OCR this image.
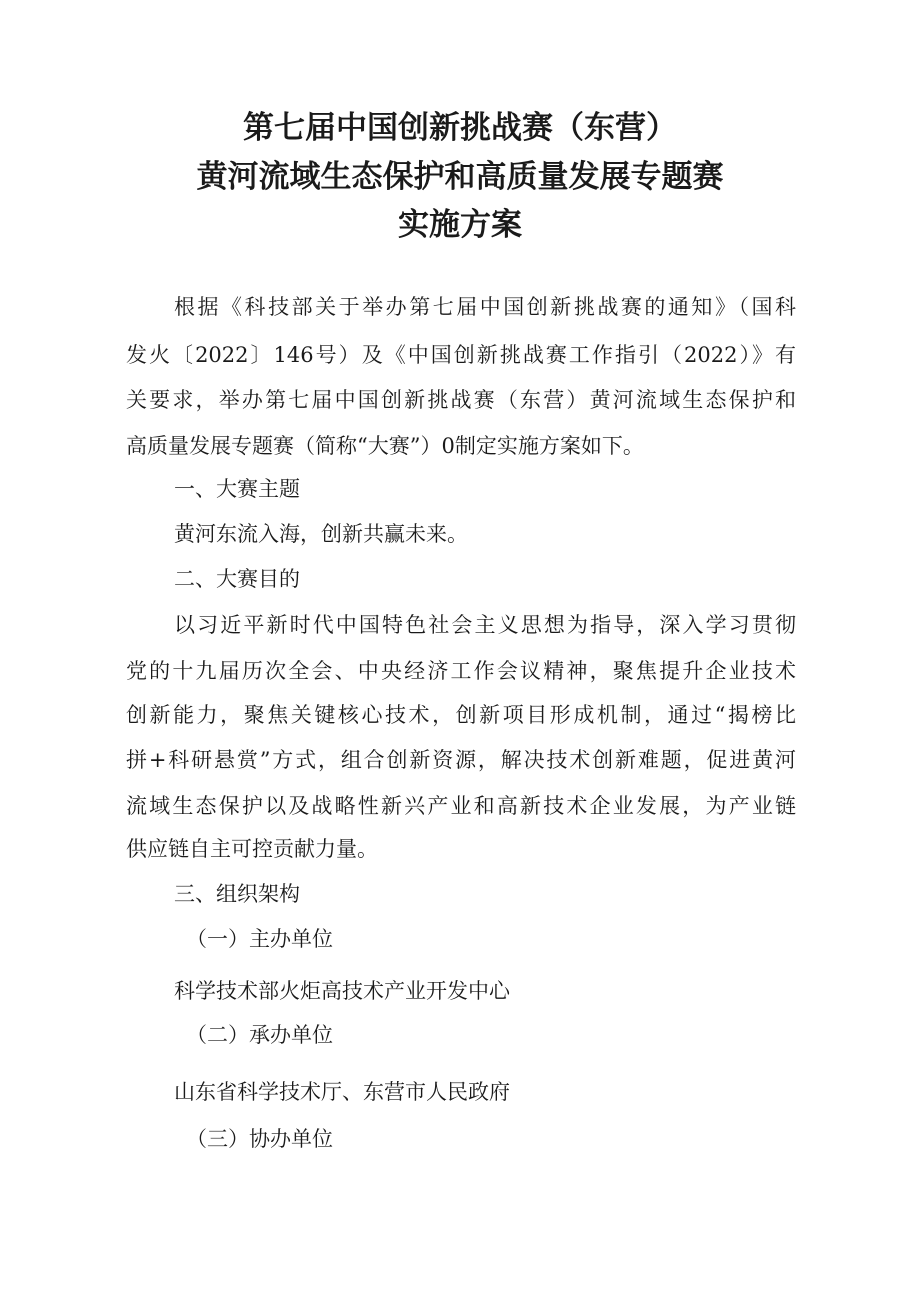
第七届中国创新挑战赛（东营）
黄河流域生态保护和高质量发展专题赛
实施方案
根据《科技部关于举办第七届中国创新挑战赛的通知》（国科
发火〔2022〕146号）及《中国创新挑战赛工作指引（2022）》有
关要求，举办第七届中国创新挑战赛（东营）黄河流域生态保护和
高质量发展专题赛（简称“大赛”）0制定实施方案如下。
一、大赛主题
黄河东流入海，创新共赢未来。
二、大赛目的
以习近平新时代中国特色社会主义思想为指导，深入学习贯彻
党的十九届历次全会、中央经济工作会议精神，聚焦提升企业技术
创新能力，聚焦关键核心技术，创新项目形成机制，通过“揭榜比
拼+科研悬赏”方式，组合创新资源，解决技术创新难题，促进黄河
流域生态保护以及战略性新兴产业和高新技术企业发展，为产业链
供应链自主可控贡献力量。
三、组织架构
（一）主办单位
科学技术部火炬高技术产业开发中心
（二）承办单位
山东省科学技术厅、东营市人民政府
（三）协办单位
